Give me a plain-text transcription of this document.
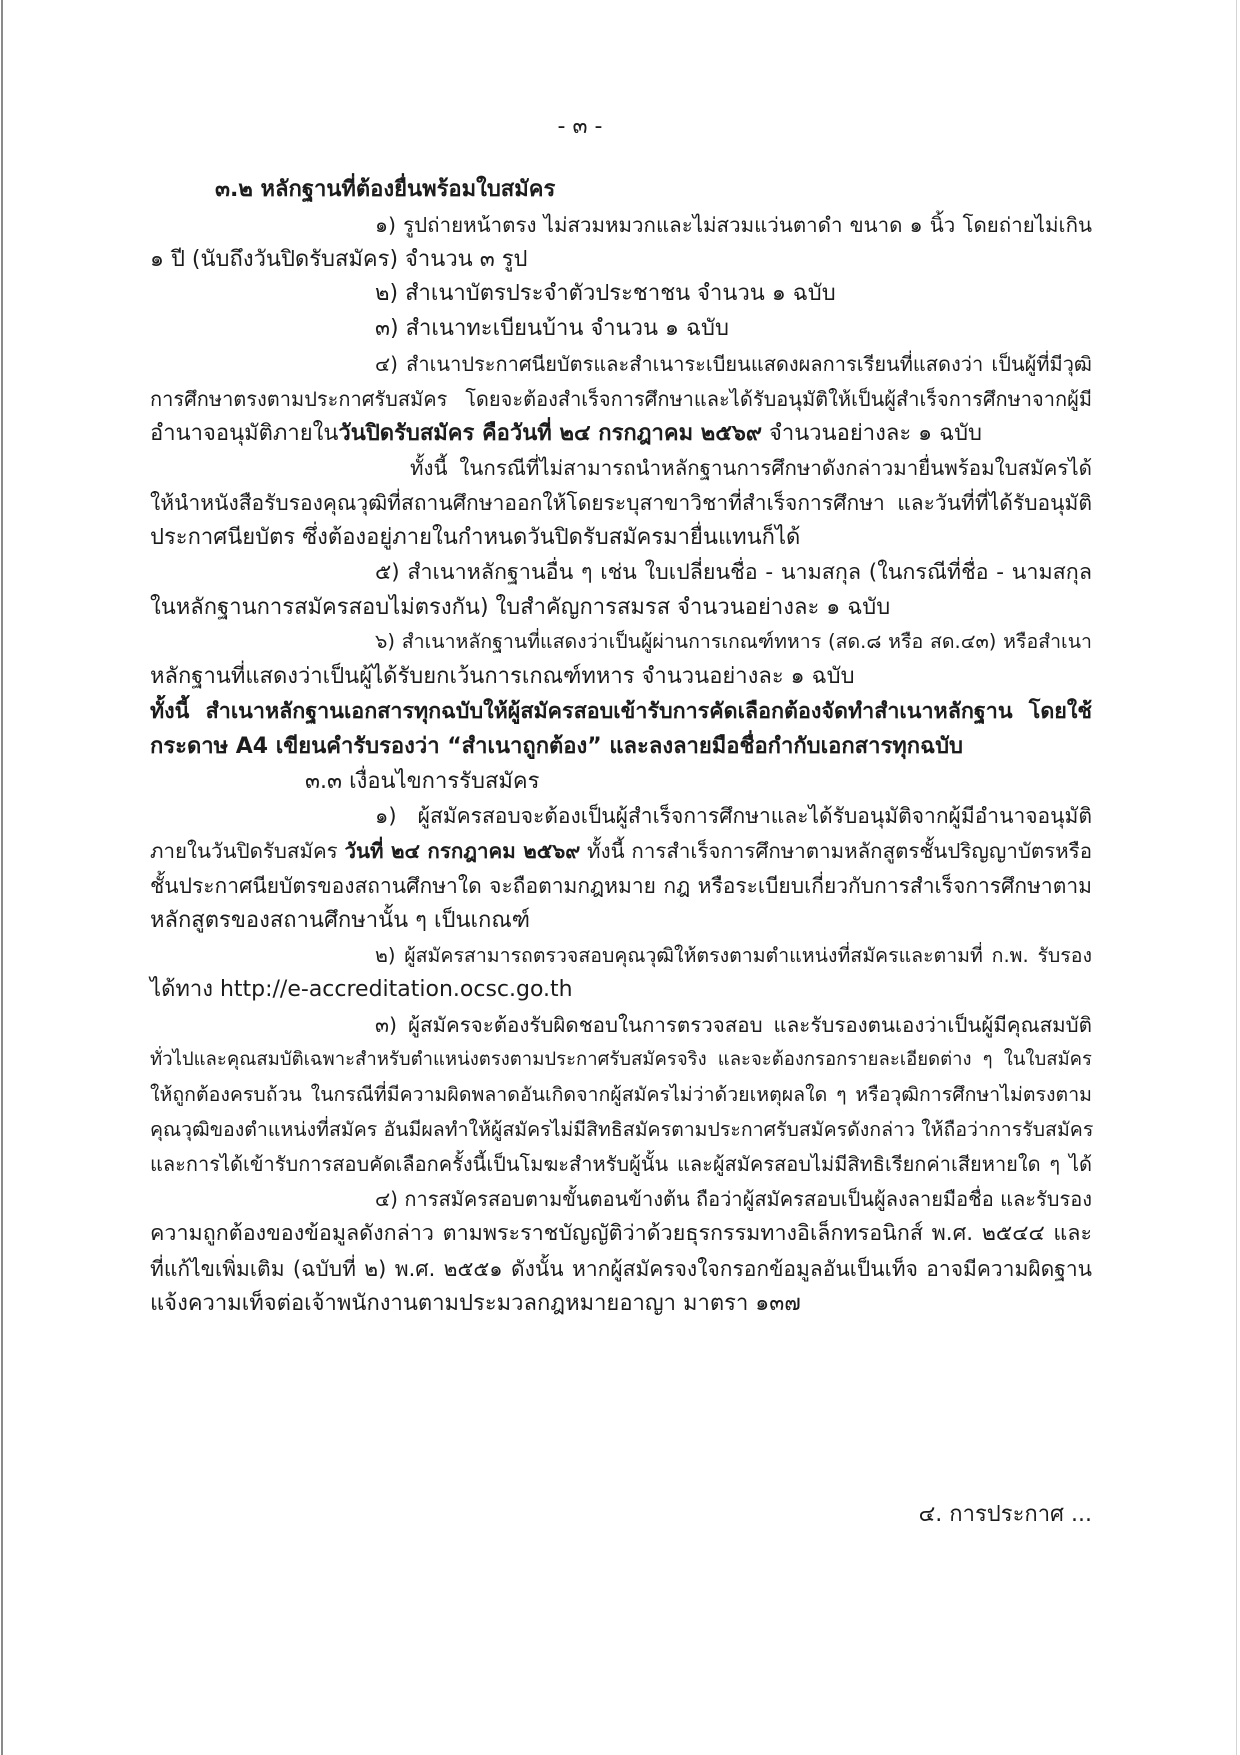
- ๓ -
๓.๒ หลักฐานที่ต้องยื่นพร้อมใบสมัคร
๑) รูปถ่ายหน้าตรง ไม่สวมหมวกและไม่สวมแว่นตาดำ ขนาด ๑ นิ้ว โดยถ่ายไม่เกิน
๑ ปี (นับถึงวันปิดรับสมัคร) จำนวน ๓ รูป
๒) สำเนาบัตรประจำตัวประชาชน จำนวน ๑ ฉบับ
๓) สำเนาทะเบียนบ้าน จำนวน ๑ ฉบับ
๔) สำเนาประกาศนียบัตรและสำเนาระเบียนแสดงผลการเรียนที่แสดงว่า เป็นผู้ที่มีวุฒิ
การศึกษาตรงตามประกาศรับสมัคร โดยจะต้องสำเร็จการศึกษาและได้รับอนุมัติให้เป็นผู้สำเร็จการศึกษาจากผู้มี
อำนาจอนุมัติภายในวันปิดรับสมัคร คือวันที่ ๒๔ กรกฎาคม ๒๕๖๙ จำนวนอย่างละ ๑ ฉบับ
ทั้งนี้ ในกรณีที่ไม่สามารถนำหลักฐานการศึกษาดังกล่าวมายื่นพร้อมใบสมัครได้
ให้นำหนังสือรับรองคุณวุฒิที่สถานศึกษาออกให้โดยระบุสาขาวิชาที่สำเร็จการศึกษา และวันที่ที่ได้รับอนุมัติ
ประกาศนียบัตร ซึ่งต้องอยู่ภายในกำหนดวันปิดรับสมัครมายื่นแทนก็ได้
๕) สำเนาหลักฐานอื่น ๆ เช่น ใบเปลี่ยนชื่อ - นามสกุล (ในกรณีที่ชื่อ - นามสกุล
ในหลักฐานการสมัครสอบไม่ตรงกัน) ใบสำคัญการสมรส จำนวนอย่างละ ๑ ฉบับ
๖) สำเนาหลักฐานที่แสดงว่าเป็นผู้ผ่านการเกณฑ์ทหาร (สด.๘ หรือ สด.๔๓) หรือสำเนา
หลักฐานที่แสดงว่าเป็นผู้ได้รับยกเว้นการเกณฑ์ทหาร จำนวนอย่างละ ๑ ฉบับ
ทั้งนี้ สำเนาหลักฐานเอกสารทุกฉบับให้ผู้สมัครสอบเข้ารับการคัดเลือกต้องจัดทำสำเนาหลักฐาน โดยใช้
กระดาษ A4 เขียนคำรับรองว่า “สำเนาถูกต้อง” และลงลายมือชื่อกำกับเอกสารทุกฉบับ
๓.๓ เงื่อนไขการรับสมัคร
๑) ผู้สมัครสอบจะต้องเป็นผู้สำเร็จการศึกษาและได้รับอนุมัติจากผู้มีอำนาจอนุมัติ
ภายในวันปิดรับสมัคร วันที่ ๒๔ กรกฎาคม ๒๕๖๙ ทั้งนี้ การสำเร็จการศึกษาตามหลักสูตรชั้นปริญญาบัตรหรือ
ชั้นประกาศนียบัตรของสถานศึกษาใด จะถือตามกฎหมาย กฎ หรือระเบียบเกี่ยวกับการสำเร็จการศึกษาตาม
หลักสูตรของสถานศึกษานั้น ๆ เป็นเกณฑ์
๒) ผู้สมัครสามารถตรวจสอบคุณวุฒิให้ตรงตามตำแหน่งที่สมัครและตามที่ ก.พ. รับรอง
ได้ทาง http://e-accreditation.ocsc.go.th
๓) ผู้สมัครจะต้องรับผิดชอบในการตรวจสอบ และรับรองตนเองว่าเป็นผู้มีคุณสมบัติ
ทั่วไปและคุณสมบัติเฉพาะสำหรับตำแหน่งตรงตามประกาศรับสมัครจริง และจะต้องกรอกรายละเอียดต่าง ๆ ในใบสมัคร
ให้ถูกต้องครบถ้วน ในกรณีที่มีความผิดพลาดอันเกิดจากผู้สมัครไม่ว่าด้วยเหตุผลใด ๆ หรือวุฒิการศึกษาไม่ตรงตาม
คุณวุฒิของตำแหน่งที่สมัคร อันมีผลทำให้ผู้สมัครไม่มีสิทธิสมัครตามประกาศรับสมัครดังกล่าว ให้ถือว่าการรับสมัคร
และการได้เข้ารับการสอบคัดเลือกครั้งนี้เป็นโมฆะสำหรับผู้นั้น และผู้สมัครสอบไม่มีสิทธิเรียกค่าเสียหายใด ๆ ได้
๔) การสมัครสอบตามขั้นตอนข้างต้น ถือว่าผู้สมัครสอบเป็นผู้ลงลายมือชื่อ และรับรอง
ความถูกต้องของข้อมูลดังกล่าว ตามพระราชบัญญัติว่าด้วยธุรกรรมทางอิเล็กทรอนิกส์ พ.ศ. ๒๕๔๔ และ
ที่แก้ไขเพิ่มเติม (ฉบับที่ ๒) พ.ศ. ๒๕๕๑ ดังนั้น หากผู้สมัครจงใจกรอกข้อมูลอันเป็นเท็จ อาจมีความผิดฐาน
แจ้งความเท็จต่อเจ้าพนักงานตามประมวลกฎหมายอาญา มาตรา ๑๓๗
๔. การประกาศ ...
